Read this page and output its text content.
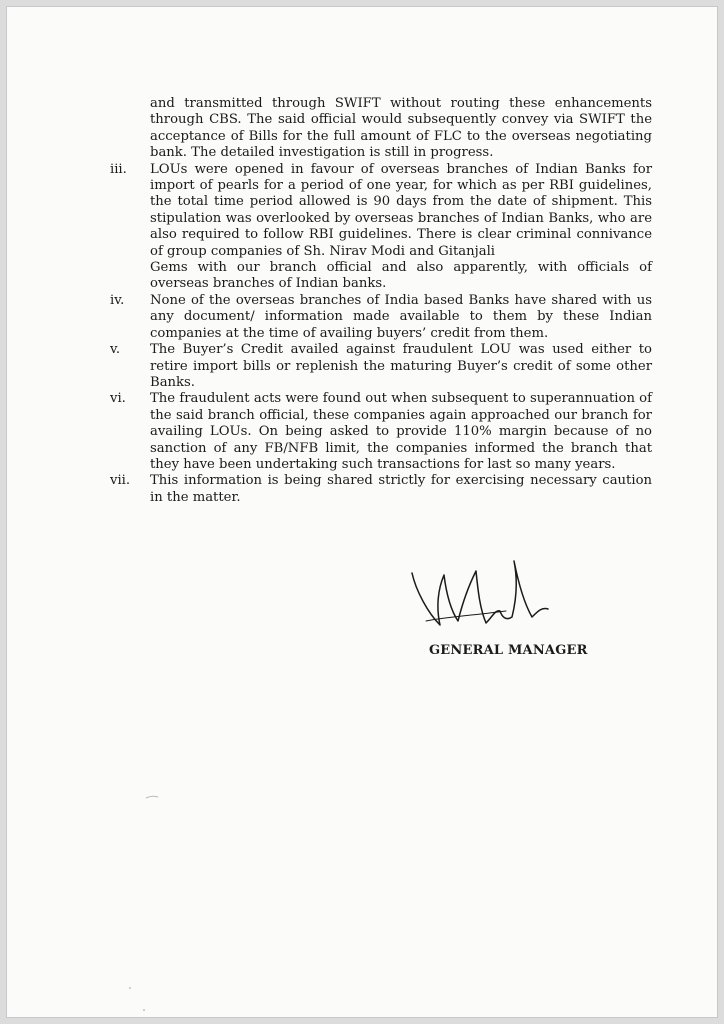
and transmitted through SWIFT without routing these enhancements through CBS. The said official would subsequently convey via SWIFT the acceptance of Bills for the full amount of FLC to the overseas negotiating bank. The detailed investigation is still in progress.

iii.	LOUs were opened in favour of overseas branches of Indian Banks for import of pearls for a period of one year, for which as per RBI guidelines, the total time period allowed is 90 days from the date of shipment. This stipulation was overlooked by overseas branches of Indian Banks, who are also required to follow RBI guidelines. There is clear criminal connivance of group companies of Sh. Nirav Modi and Gitanjali
Gems with our branch official and also apparently, with officials of overseas branches of Indian banks.
iv.	None of the overseas branches of India based Banks have shared with us any document/ information made available to them by these Indian companies at the time of availing buyers’ credit from them.
v.	The Buyer’s Credit availed against fraudulent LOU was used either to retire import bills or replenish the maturing Buyer’s credit of some other Banks.
vi.	The fraudulent acts were found out when subsequent to superannuation of the said branch official, these companies again approached our branch for availing LOUs. On being asked to provide 110% margin because of no sanction of any FB/NFB limit, the companies informed the branch that they have been undertaking such transactions for last so many years.
vii.	This information is being shared strictly for exercising necessary caution in the matter.
GENERAL MANAGER
